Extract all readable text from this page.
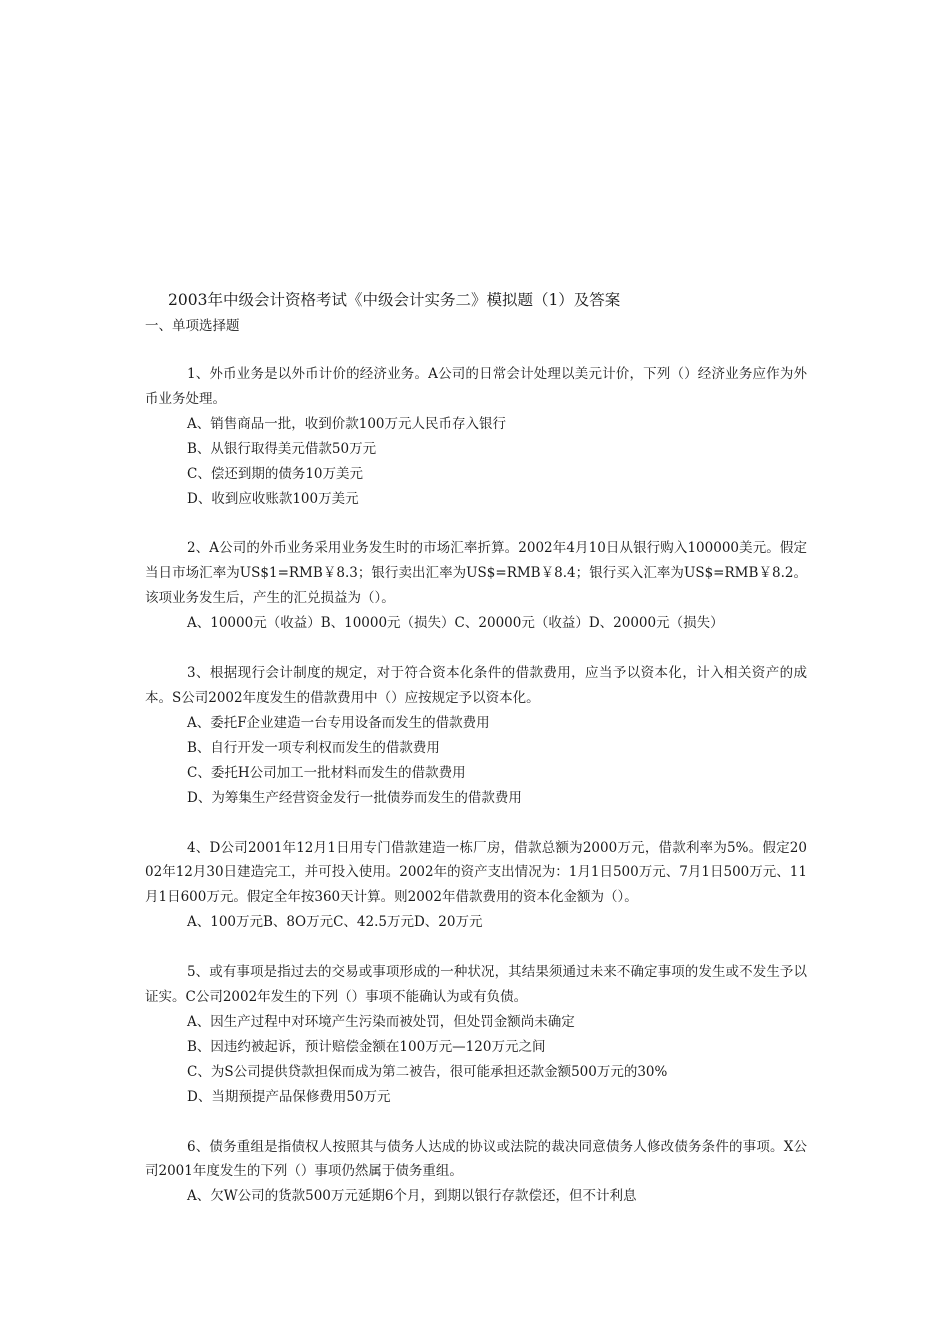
2003年中级会计资格考试《中级会计实务二》模拟题（1）及答案
一、单项选择题

1、外币业务是以外币计价的经济业务。A公司的日常会计处理以美元计价，下列（）经济业务应作为外币业务处理。

A、销售商品一批，收到价款100万元人民币存入银行

B、从银行取得美元借款50万元

C、偿还到期的债务10万美元

D、收到应收账款100万美元

2、A公司的外币业务采用业务发生时的市场汇率折算。2002年4月10日从银行购入100000美元。假定当日市场汇率为US$1=RMB￥8.3；银行卖出汇率为US$=RMB￥8.4；银行买入汇率为US$=RMB￥8.2。该项业务发生后，产生的汇兑损益为（）。

A、10000元（收益）B、10000元（损失）C、20000元（收益）D、20000元（损失）

3、根据现行会计制度的规定，对于符合资本化条件的借款费用，应当予以资本化，计入相关资产的成本。S公司2002年度发生的借款费用中（）应按规定予以资本化。

A、委托F企业建造一台专用设备而发生的借款费用

B、自行开发一项专利权而发生的借款费用

C、委托H公司加工一批材料而发生的借款费用

D、为筹集生产经营资金发行一批债券而发生的借款费用

4、D公司2001年12月1日用专门借款建造一栋厂房，借款总额为2000万元，借款利率为5%。假定2002年12月30日建造完工，并可投入使用。2002年的资产支出情况为：1月1日500万元、7月1日500万元、11月1日600万元。假定全年按360天计算。则2002年借款费用的资本化金额为（）。

A、100万元B、8O万元C、42.5万元D、20万元

5、或有事项是指过去的交易或事项形成的一种状况，其结果须通过未来不确定事项的发生或不发生予以证实。C公司2002年发生的下列（）事项不能确认为或有负债。

A、因生产过程中对环境产生污染而被处罚，但处罚金额尚未确定

B、因违约被起诉，预计赔偿金额在100万元—120万元之间

C、为S公司提供贷款担保而成为第二被告，很可能承担还款金额500万元的30%

D、当期预提产品保修费用50万元

6、债务重组是指债权人按照其与债务人达成的协议或法院的裁决同意债务人修改债务条件的事项。X公司2001年度发生的下列（）事项仍然属于债务重组。

A、欠W公司的货款500万元延期6个月，到期以银行存款偿还，但不计利息
